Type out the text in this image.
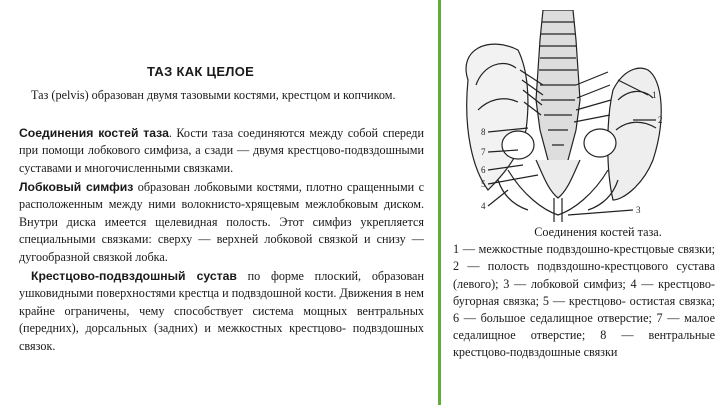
ТАЗ КАК ЦЕЛОЕ

Таз (pelvis) образован двумя тазовыми костями, крестцом и копчиком.

Соединения костей таза. Кости таза соединяются между собой спереди при помощи лобкового симфиза, а сзади — двумя крестцово-подвздошными суставами и многочисленными связками.

Лобковый симфиз образован лобковыми костями, плотно сращенными с расположенным между ними волокнисто-хрящевым межлобковым диском. Внутри диска имеется щелевидная полость. Этот симфиз укрепляется специальными связками: сверху — верхней лобковой связкой и снизу — дугообразной связкой лобка.

Крестцово-подвздошный сустав по форме плоский, образован ушковидными поверхностями крестца и подвздошной кости. Движения в нем крайне ограничены, чему способствует система мощных вентральных (передних), дорсальных (задних) и межкостных крестцово- подвздошных связок.

1
2
3
8
7
6
5
4
Соединения костей таза.
1 — межкостные подвздошно-крестцовые связки; 2 — полость подвздошно-крестцового сустава (левого); 3 — лобковой симфиз; 4 — крестцово-бугорная связка; 5 — крестцово- остистая связка; 6 — большое седалищное отверстие; 7 — малое седалищное отверстие; 8 — вентральные крестцово-подвздошные связки
